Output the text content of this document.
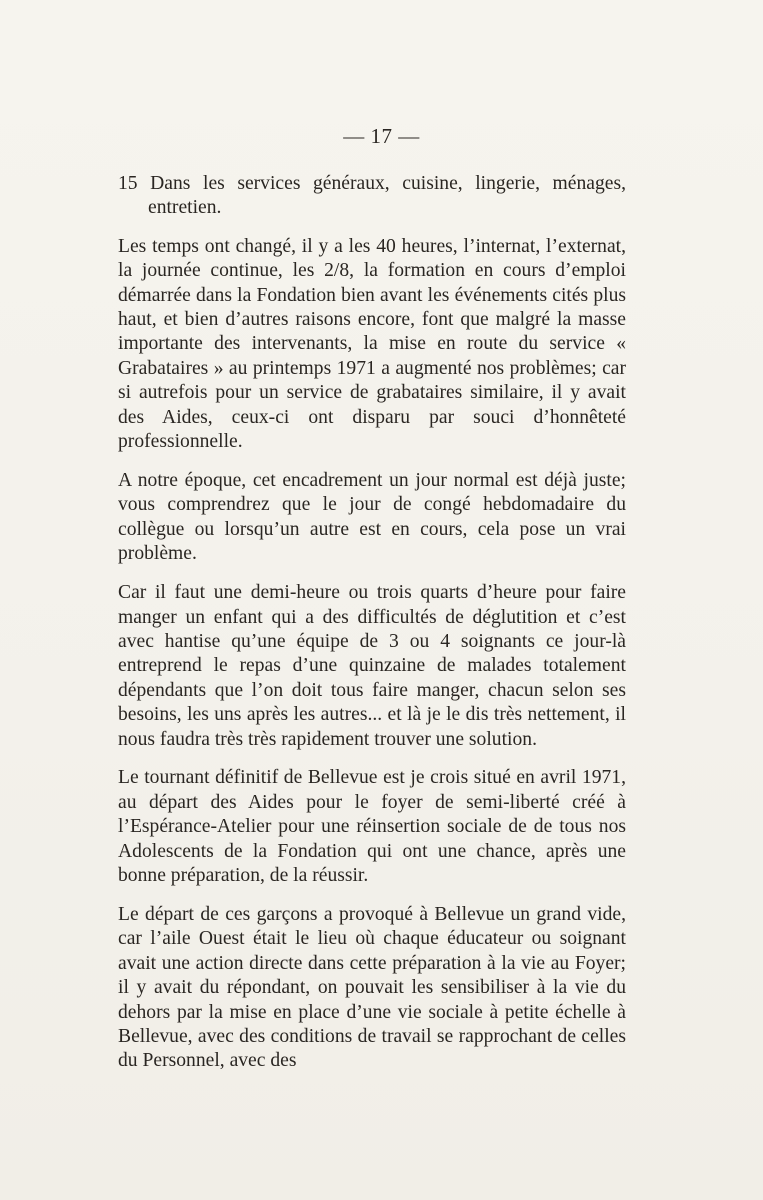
— 17 —

15 Dans les services généraux, cuisine, lingerie, ménages, entretien.

Les temps ont changé, il y a les 40 heures, l’internat, l’externat, la journée continue, les 2/8, la formation en cours d’emploi démarrée dans la Fondation bien avant les événements cités plus haut, et bien d’autres raisons encore, font que malgré la masse importante des intervenants, la mise en route du service « Grabataires » au printemps 1971 a augmenté nos problèmes; car si autrefois pour un service de grabataires similaire, il y avait des Aides, ceux-ci ont disparu par souci d’honnêteté professionnelle.

A notre époque, cet encadrement un jour normal est déjà juste; vous comprendrez que le jour de congé hebdomadaire du collègue ou lorsqu’un autre est en cours, cela pose un vrai problème.

Car il faut une demi-heure ou trois quarts d’heure pour faire manger un enfant qui a des difficultés de déglutition et c’est avec hantise qu’une équipe de 3 ou 4 soignants ce jour-là entreprend le repas d’une quinzaine de malades totalement dépendants que l’on doit tous faire manger, chacun selon ses besoins, les uns après les autres... et là je le dis très nettement, il nous faudra très très rapidement trouver une solution.

Le tournant définitif de Bellevue est je crois situé en avril 1971, au départ des Aides pour le foyer de semi-liberté créé à l’Espérance-Atelier pour une réinsertion sociale de de tous nos Adolescents de la Fondation qui ont une chance, après une bonne préparation, de la réussir.

Le départ de ces garçons a provoqué à Bellevue un grand vide, car l’aile Ouest était le lieu où chaque éducateur ou soignant avait une action directe dans cette préparation à la vie au Foyer; il y avait du répondant, on pouvait les sensibiliser à la vie du dehors par la mise en place d’une vie sociale à petite échelle à Bellevue, avec des conditions de travail se rapprochant de celles du Personnel, avec des
